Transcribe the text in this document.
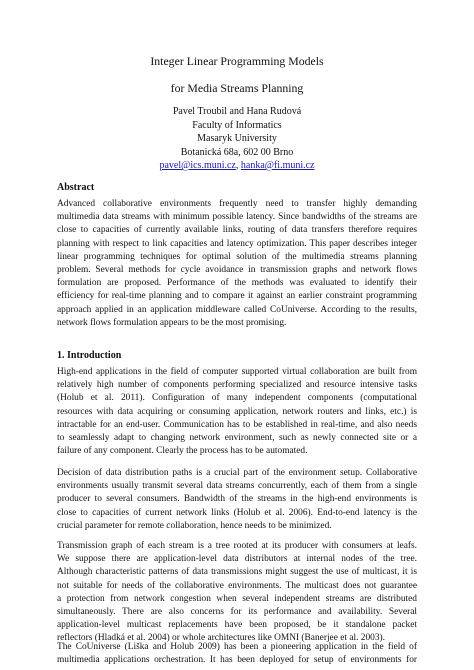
Integer Linear Programming Models
for Media Streams Planning
Pavel Troubil and Hana Rudová
Faculty of Informatics
Masaryk University
Botanická 68a, 602 00 Brno
pavel@ics.muni.cz, hanka@fi.muni.cz
Abstract
Advanced collaborative environments frequently need to transfer highly demanding
multimedia data streams with minimum possible latency. Since bandwidths of the streams are
close to capacities of currently available links, routing of data transfers therefore requires
planning with respect to link capacities and latency optimization. This paper describes integer
linear programming techniques for optimal solution of the multimedia streams planning
problem. Several methods for cycle avoidance in transmission graphs and network flows
formulation are proposed. Performance of the methods was evaluated to identify their
efficiency for real-time planning and to compare it against an earlier constraint programming
approach applied in an application middleware called CoUniverse. According to the results,
network flows formulation appears to be the most promising.
1. Introduction
High-end applications in the field of computer supported virtual collaboration are built from
relatively high number of components performing specialized and resource intensive tasks
(Holub et al. 2011). Configuration of many independent components (computational
resources with data acquiring or consuming application, network routers and links, etc.) is
intractable for an end-user. Communication has to be established in real-time, and also needs
to seamlessly adapt to changing network environment, such as newly connected site or a
failure of any component. Clearly the process has to be automated.
Decision of data distribution paths is a crucial part of the environment setup. Collaborative
environments usually transmit several data streams concurrently, each of them from a single
producer to several consumers. Bandwidth of the streams in the high-end environments is
close to capacities of current network links (Holub et al. 2006). End-to-end latency is the
crucial parameter for remote collaboration, hence needs to be minimized.
Transmission graph of each stream is a tree rooted at its producer with consumers at leafs.
We suppose there are application-level data distributors at internal nodes of the tree.
Although characteristic patterns of data transmissions might suggest the use of multicast, it is
not suitable for needs of the collaborative environments. The multicast does not guarantee
a protection from network congestion when several independent streams are distributed
simultaneously. There are also concerns for its performance and availability. Several
application-level multicast replacements have been proposed, be it standalone packet
reflectors (Hladká et al. 2004) or whole architectures like OMNI (Banerjee et al. 2003).
The CoUniverse (Liška and Holub 2009) has been a pioneering application in the field of
multimedia applications orchestration. It has been deployed for setup of environments for
